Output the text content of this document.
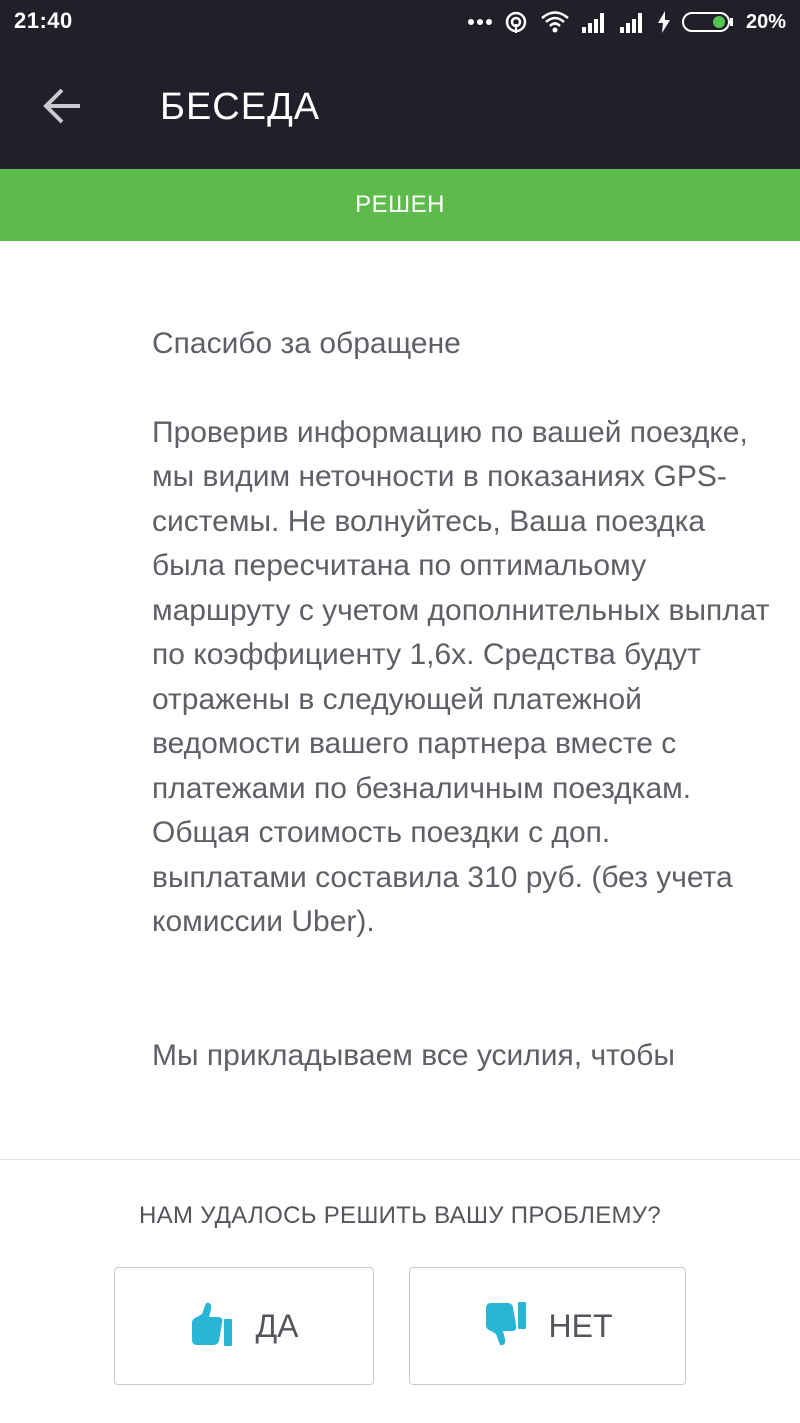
21:40	20%
БЕСЕДА
РЕШЕН

Спасибо за обращене

Проверив информацию по вашей поездке, мы видим неточности в показаниях GPS-системы. Не волнуйтесь, Ваша поездка была пересчитана по оптимальому маршруту с учетом дополнительных выплат по коэффициенту 1,6х. Средства будут отражены в следующей платежной ведомости вашего партнера вместе с платежами по безналичным поездкам. Общая стоимость поездки с доп. выплатами составила 310 руб. (без учета комиссии Uber).

Мы прикладываем все усилия, чтобы

НАМ УДАЛОСЬ РЕШИТЬ ВАШУ ПРОБЛЕМУ?
ДА	НЕТ
